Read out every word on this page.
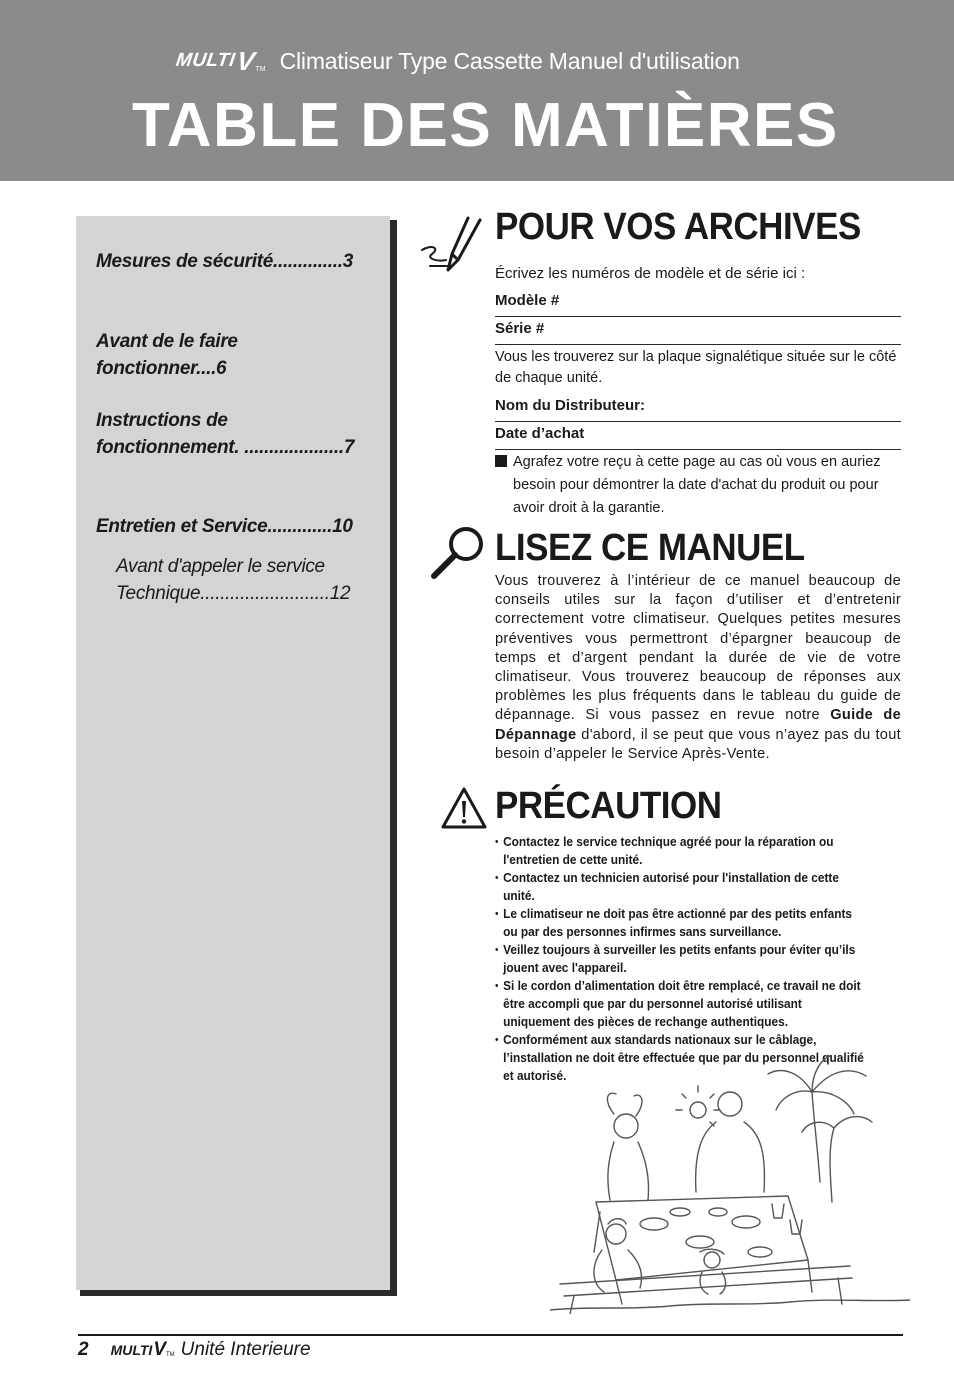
MULTI
V
TM Climatiseur Type Cassette Manuel d'utilisation
TABLE DES MATIÈRES
Mesures de sécurité..............3
Avant de le faire fonctionner....6
Instructions de
fonctionnement. ....................7
Entretien et Service.............10
Avant d'appeler le service
Technique..........................12
POUR VOS ARCHIVES
Écrivez les numéros de modèle et de série ici :
Modèle #
Série #
Vous les trouverez sur la plaque signalétique située sur le côté de chaque unité.
Nom du Distributeur:
Date d’achat
Agrafez votre reçu à cette page au cas où vous en auriez
besoin pour démontrer la date d'achat du produit ou pour avoir droit à la garantie.
LISEZ CE MANUEL
Vous trouverez à l’intérieur de ce manuel beaucoup de conseils utiles sur la façon d’utiliser et d’entretenir correctement votre climatiseur. Quelques petites mesures préventives vous permettront d’épargner beaucoup de temps et d’argent pendant la durée de vie de votre climatiseur. Vous trouverez beaucoup de réponses aux problèmes les plus fréquents dans le tableau du guide de dépannage. Si vous passez en revue notre Guide de Dépannage d'abord, il se peut que vous n’ayez pas du tout besoin d’appeler le Service Après-Vente.
PRÉCAUTION
• Contactez le service technique agréé pour la réparation ou l'entretien de cette unité.
• Contactez un technicien autorisé pour l'installation de cette unité.
• Le climatiseur ne doit pas être actionné par des petits enfants ou par des personnes infirmes sans surveillance.
• Veillez toujours à surveiller les petits enfants pour éviter qu’ils jouent avec l'appareil.
• Si le cordon d’alimentation doit être remplacé, ce travail ne doit être accompli que par du personnel autorisé utilisant uniquement des pièces de rechange authentiques.
• Conformément aux standards nationaux sur le câblage, l’installation ne doit être effectuée que par du personnel qualifié et autorisé.
2 MULTI V TM Unité Interieure
